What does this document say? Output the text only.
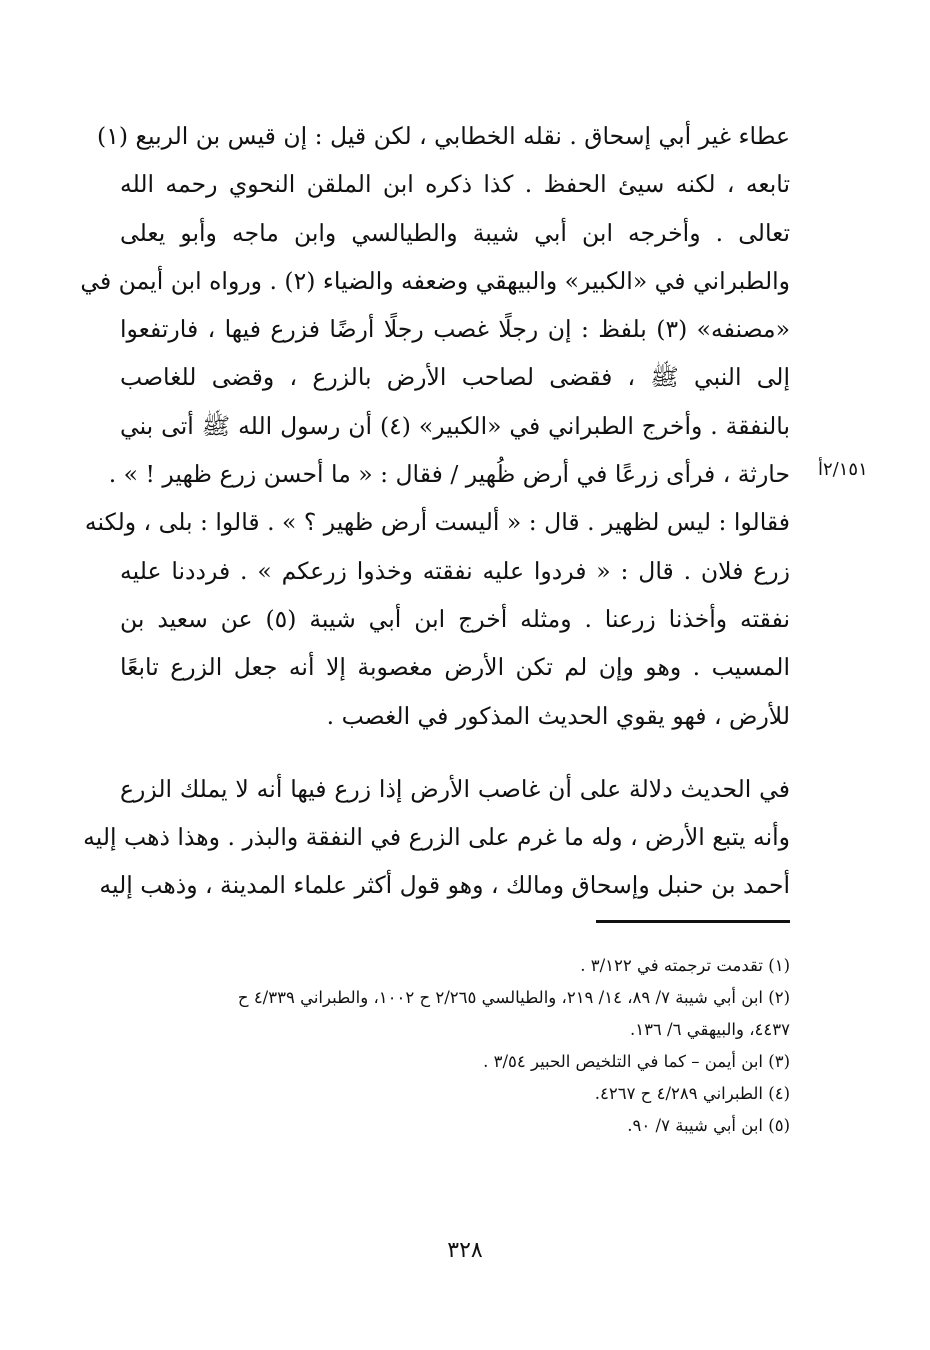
عطاء غير أبي إسحاق . نقله الخطابي ، لكن قيل : إن قيس بن الربيع (١)
تابعه ، لكنه سيئ الحفظ . كذا ذكره ابن الملقن النحوي رحمه الله
تعالى . وأخرجه ابن أبي شيبة والطيالسي وابن ماجه وأبو يعلى
والطبراني في «الكبير» والبيهقي وضعفه والضياء (٢) . ورواه ابن أيمن في
«مصنفه» (٣) بلفظ : إن رجلًا غصب رجلًا أرضًا فزرع فيها ، فارتفعوا
إلى النبي ﷺ ، فقضى لصاحب الأرض بالزرع ، وقضى للغاصب
بالنفقة . وأخرج الطبراني في «الكبير» (٤) أن رسول الله ﷺ أتى بني
حارثة ، فرأى زرعًا في أرض ظُهير / فقال : « ما أحسن زرع ظهير ! » .
فقالوا : ليس لظهير . قال : « أليست أرض ظهير ؟ » . قالوا : بلى ، ولكنه
زرع فلان . قال : « فردوا عليه نفقته وخذوا زرعكم » . فرددنا عليه
نفقته وأخذنا زرعنا . ومثله أخرج ابن أبي شيبة (٥) عن سعيد بن
المسيب . وهو وإن لم تكن الأرض مغصوبة إلا أنه جعل الزرع تابعًا
للأرض ، فهو يقوي الحديث المذكور في الغصب .
في الحديث دلالة على أن غاصب الأرض إذا زرع فيها أنه لا يملك الزرع
وأنه يتبع الأرض ، وله ما غرم على الزرع في النفقة والبذر . وهذا ذهب إليه
أحمد بن حنبل وإسحاق ومالك ، وهو قول أكثر علماء المدينة ، وذهب إليه
٢/١٥١أ
(١) تقدمت ترجمته في ٣/١٢٢ .
(٢) ابن أبي شيبة ٧/ ٨٩، ١٤/ ٢١٩، والطيالسي ٢/٢٦٥ ح ١٠٠٢، والطبراني ٤/٣٣٩ ح
٤٤٣٧، والبيهقي ٦/ ١٣٦.
(٣) ابن أيمن – كما في التلخيص الحبير ٣/٥٤ .
(٤) الطبراني ٤/٢٨٩ ح ٤٢٦٧.
(٥) ابن أبي شيبة ٧/ ٩٠.
٣٢٨
